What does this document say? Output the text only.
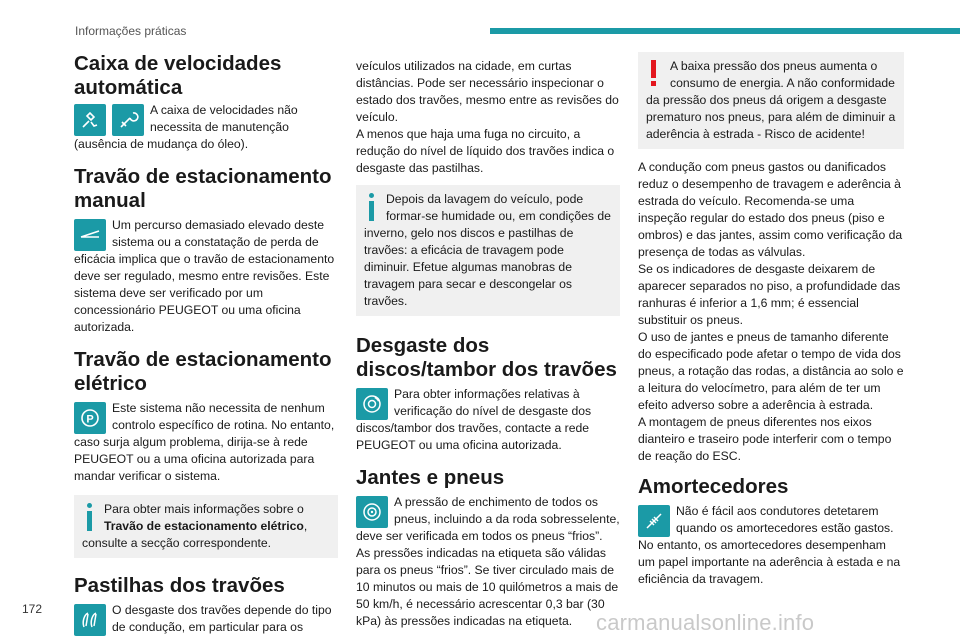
Informações práticas
Caixa de velocidades automática

A caixa de velocidades não necessita de manutenção (ausência de mudança do óleo).

Travão de estacionamento manual

Um percurso demasiado elevado deste sistema ou a constatação de perda de eficácia implica que o travão de estacionamento deve ser regulado, mesmo entre revisões. Este sistema deve ser verificado por um concessionário PEUGEOT ou uma oficina autorizada.

Travão de estacionamento elétrico
P

Este sistema não necessita de nenhum controlo específico de rotina. No entanto, caso surja algum problema, dirija-se à rede PEUGEOT ou a uma oficina autorizada para mandar verificar o sistema.

Para obter mais informações sobre o Travão de estacionamento elétrico, consulte a secção correspondente.

Pastilhas dos travões

O desgaste dos travões depende do tipo de condução, em particular para os

veículos utilizados na cidade, em curtas distâncias. Pode ser necessário inspecionar o estado dos travões, mesmo entre as revisões do veículo.

A menos que haja uma fuga no circuito, a redução do nível de líquido dos travões indica o desgaste das pastilhas.

Depois da lavagem do veículo, pode formar-se humidade ou, em condições de inverno, gelo nos discos e pastilhas de travões: a eficácia de travagem pode diminuir. Efetue algumas manobras de travagem para secar e descongelar os travões.

Desgaste dos discos/tambor dos travões

Para obter informações relativas à verificação do nível de desgaste dos discos/tambor dos travões, contacte a rede PEUGEOT ou uma oficina autorizada.

Jantes e pneus

A pressão de enchimento de todos os pneus, incluindo a da roda sobresselente, deve ser verificada em todos os pneus “frios”.

As pressões indicadas na etiqueta são válidas para os pneus “frios”. Se tiver circulado mais de 10 minutos ou mais de 10 quilómetros a mais de 50 km/h, é necessário acrescentar 0,3 bar (30 kPa) às pressões indicadas na etiqueta.

A baixa pressão dos pneus aumenta o consumo de energia. A não conformidade da pressão dos pneus dá origem a desgaste prematuro nos pneus, para além de diminuir a aderência à estrada - Risco de acidente!

A condução com pneus gastos ou danificados reduz o desempenho de travagem e aderência à estrada do veículo. Recomenda-se uma inspeção regular do estado dos pneus (piso e ombros) e das jantes, assim como verificação da presença de todas as válvulas.

Se os indicadores de desgaste deixarem de aparecer separados no piso, a profundidade das ranhuras é inferior a 1,6 mm; é essencial substituir os pneus.

O uso de jantes e pneus de tamanho diferente do especificado pode afetar o tempo de vida dos pneus, a rotação das rodas, a distância ao solo e a leitura do velocímetro, para além de ter um efeito adverso sobre a aderência à estrada.

A montagem de pneus diferentes nos eixos dianteiro e traseiro pode interferir com o tempo de reação do ESC.

Amortecedores

Não é fácil aos condutores detetarem quando os amortecedores estão gastos. No entanto, os amortecedores desempenham um papel importante na aderência à estada e na eficiência da travagem.

172
carmanualsonline.info
